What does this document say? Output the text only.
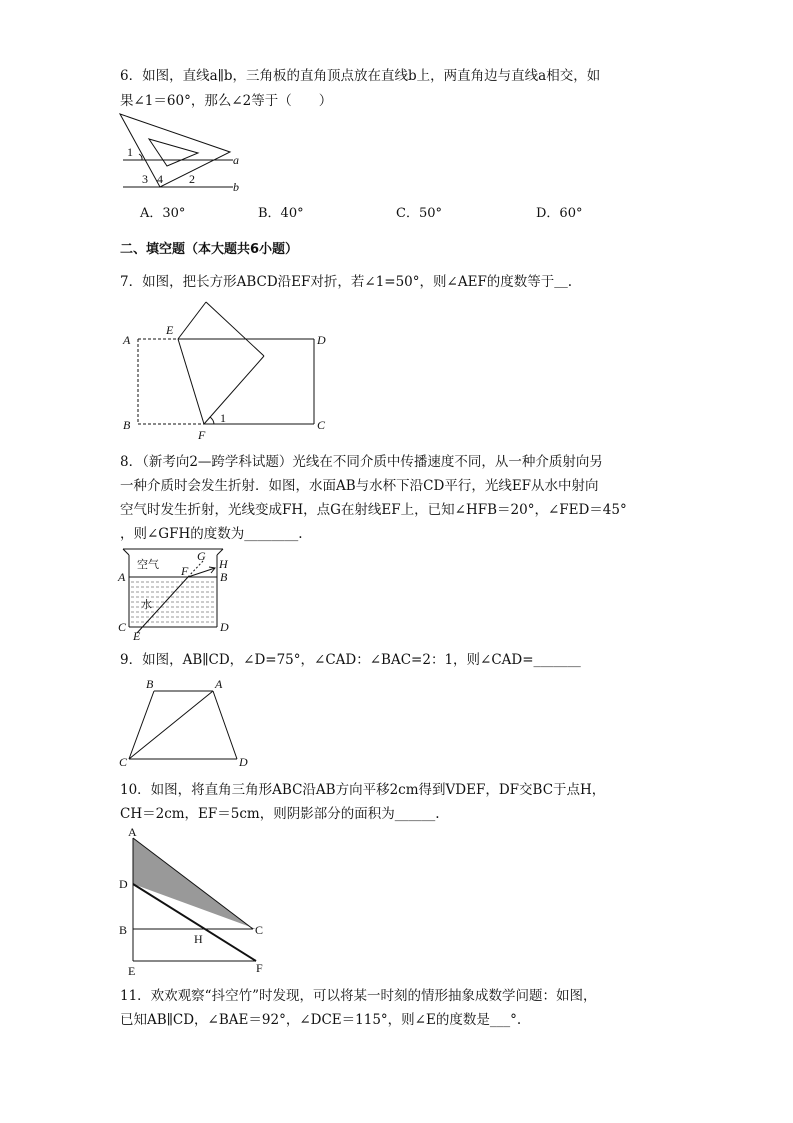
6．如图，直线a∥b，三角板的直角顶点放在直线b上，两直角边与直线a相交，如
果∠1＝60°，那么∠2等于（　　）
1
2
3 4
a
b
A．30°	B．40°	C．50°	D．60°
二、填空题（本大题共6小题）
7．如图，把长方形ABCD沿EF对折，若∠1=50°，则∠AEF的度数等于＿.
A
B	C
D
E
F
1
8．（新考向2—跨学科试题）光线在不同介质中传播速度不同，从一种介质射向另
一种介质时会发生折射．如图，水面AB与水杯下沿CD平行，光线EF从水中射向
空气时发生折射，光线变成FH，点G在射线EF上，已知∠HFB＝20°，∠FED＝45°
，则∠GFH的度数为________.
空气
水
A	B
C	D
E
F
G
H
9．如图，AB∥CD，∠D=75°，∠CAD：∠BAC=2：1，则∠CAD=_______
B	A
C	D
10．如图，将直角三角形ABC沿AB方向平移2cm得到VDEF，DF交BC于点H，
CH＝2cm，EF＝5cm，则阴影部分的面积为______.
A
D
B	C
H
E	F
11．欢欢观察“抖空竹”时发现，可以将某一时刻的情形抽象成数学问题：如图，
已知AB∥CD，∠BAE＝92°，∠DCE＝115°，则∠E的度数是___°.
